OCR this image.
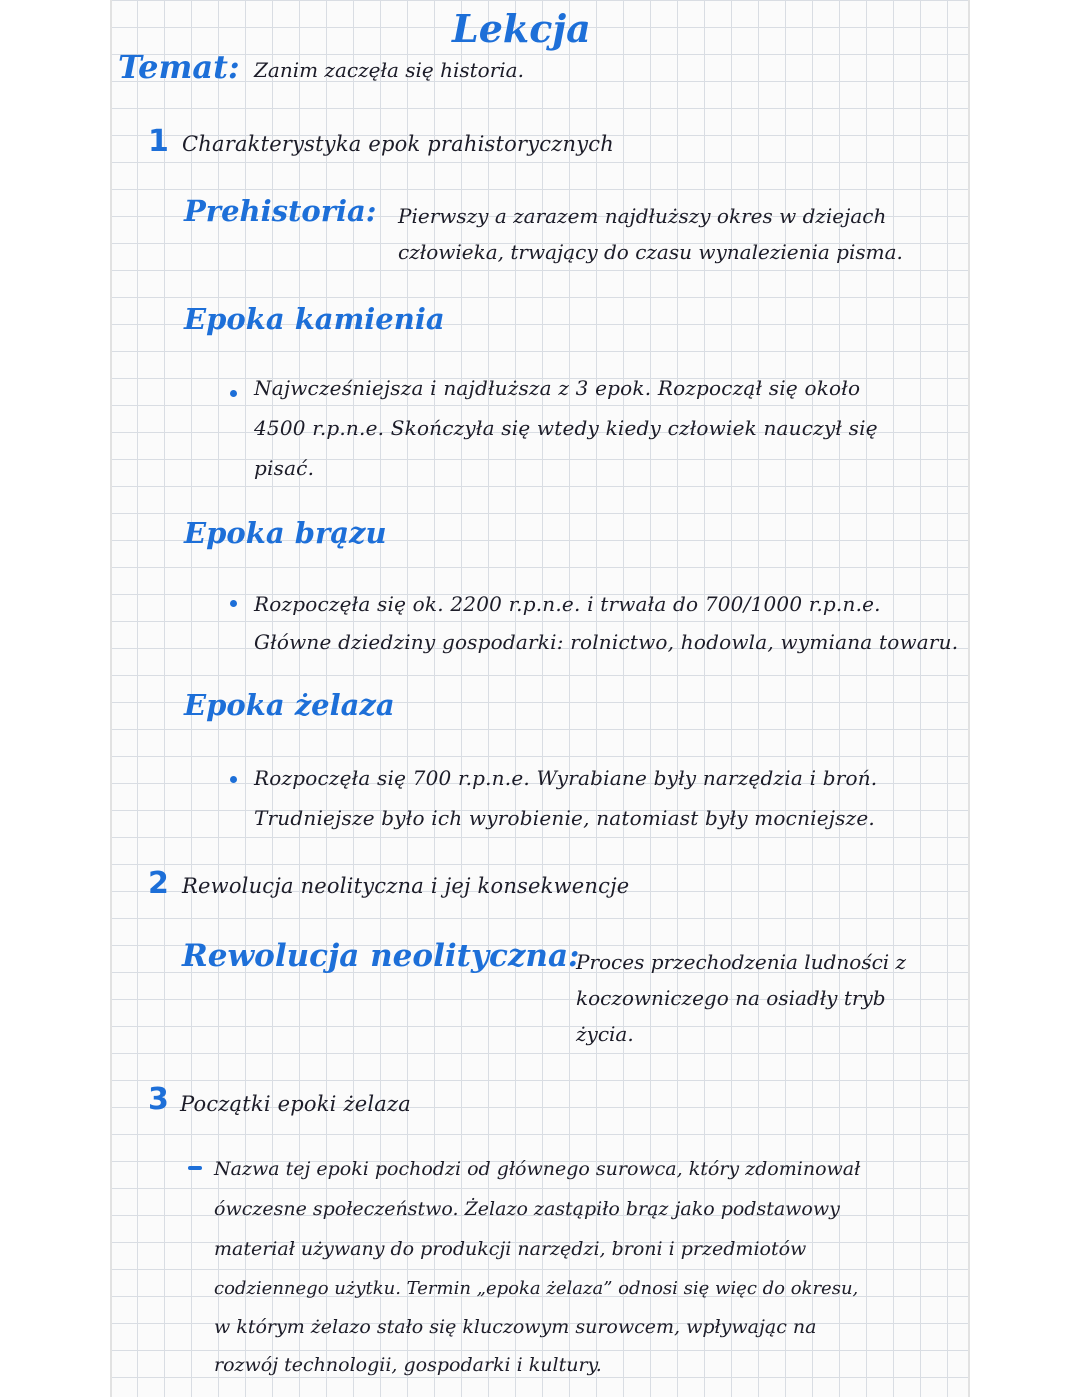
Lekcja
Temat: Zanim zaczęła się historia.
1 Charakterystyka epok prahistorycznych
Prehistoria: Pierwszy a zarazem najdłuższy okres w dziejach
człowieka, trwający do czasu wynalezienia pisma.
Epoka kamienia
Najwcześniejsza i najdłuższa z 3 epok. Rozpoczął się około
4500 r.p.n.e. Skończyła się wtedy kiedy człowiek nauczył się
pisać.
Epoka brązu
Rozpoczęła się ok. 2200 r.p.n.e. i trwała do 700/1000 r.p.n.e.
Główne dziedziny gospodarki: rolnictwo, hodowla, wymiana towaru.
Epoka żelaza
Rozpoczęła się 700 r.p.n.e. Wyrabiane były narzędzia i broń.
Trudniejsze było ich wyrobienie, natomiast były mocniejsze.
2 Rewolucja neolityczna i jej konsekwencje
Rewolucja neolityczna:
Proces przechodzenia ludności z
koczowniczego na osiadły tryb
życia.
3 Początki epoki żelaza
Nazwa tej epoki pochodzi od głównego surowca, który zdominował
ówczesne społeczeństwo. Żelazo zastąpiło brąz jako podstawowy
materiał używany do produkcji narzędzi, broni i przedmiotów
codziennego użytku. Termin „epoka żelaza” odnosi się więc do okresu,
w którym żelazo stało się kluczowym surowcem, wpływając na
rozwój technologii, gospodarki i kultury.
